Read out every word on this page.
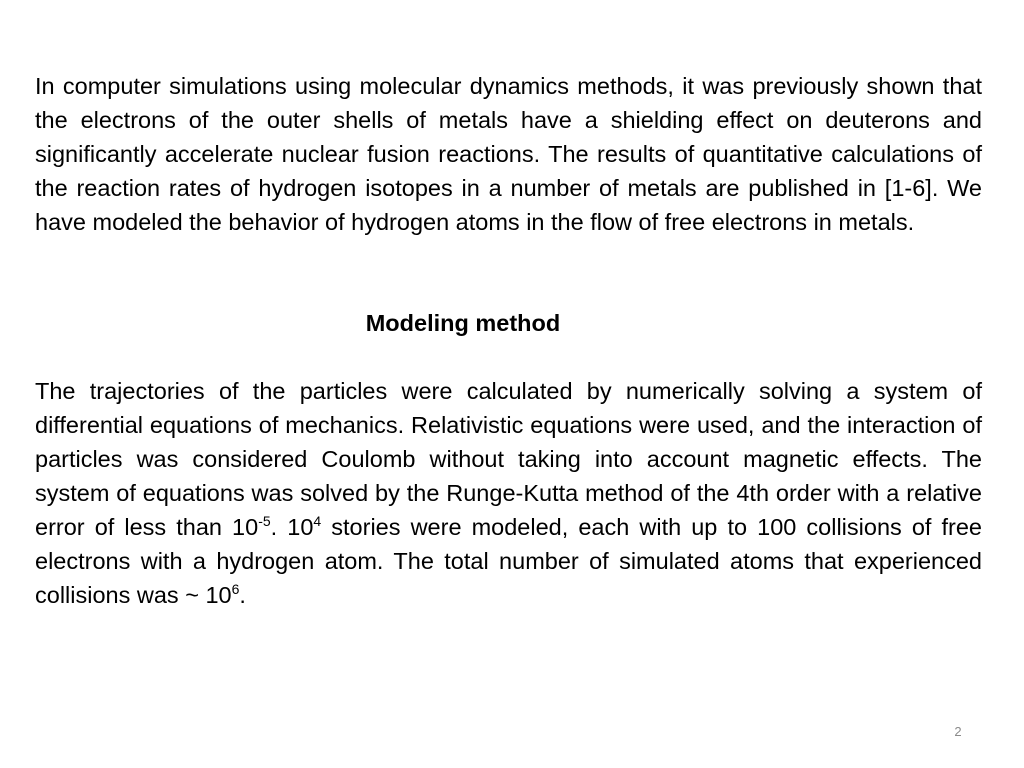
In computer simulations using molecular dynamics methods, it was previously shown that the electrons of the outer shells of metals have a shielding effect on deuterons and significantly accelerate nuclear fusion reactions. The results of quantitative calculations of the reaction rates of hydrogen isotopes in a number of metals are published in [1-6]. We have modeled the behavior of hydrogen atoms in the flow of free electrons in metals.

Modeling method

The trajectories of the particles were calculated by numerically solving a system of differential equations of mechanics. Relativistic equations were used, and the interaction of particles was considered Coulomb without taking into account magnetic effects. The system of equations was solved by the Runge-Kutta method of the 4th order with a relative error of less than $10^{-5}$. $10^4$ stories were modeled, each with up to 100 collisions of free electrons with a hydrogen atom. The total number of simulated atoms that experienced collisions was ~ $10^6$.

2
